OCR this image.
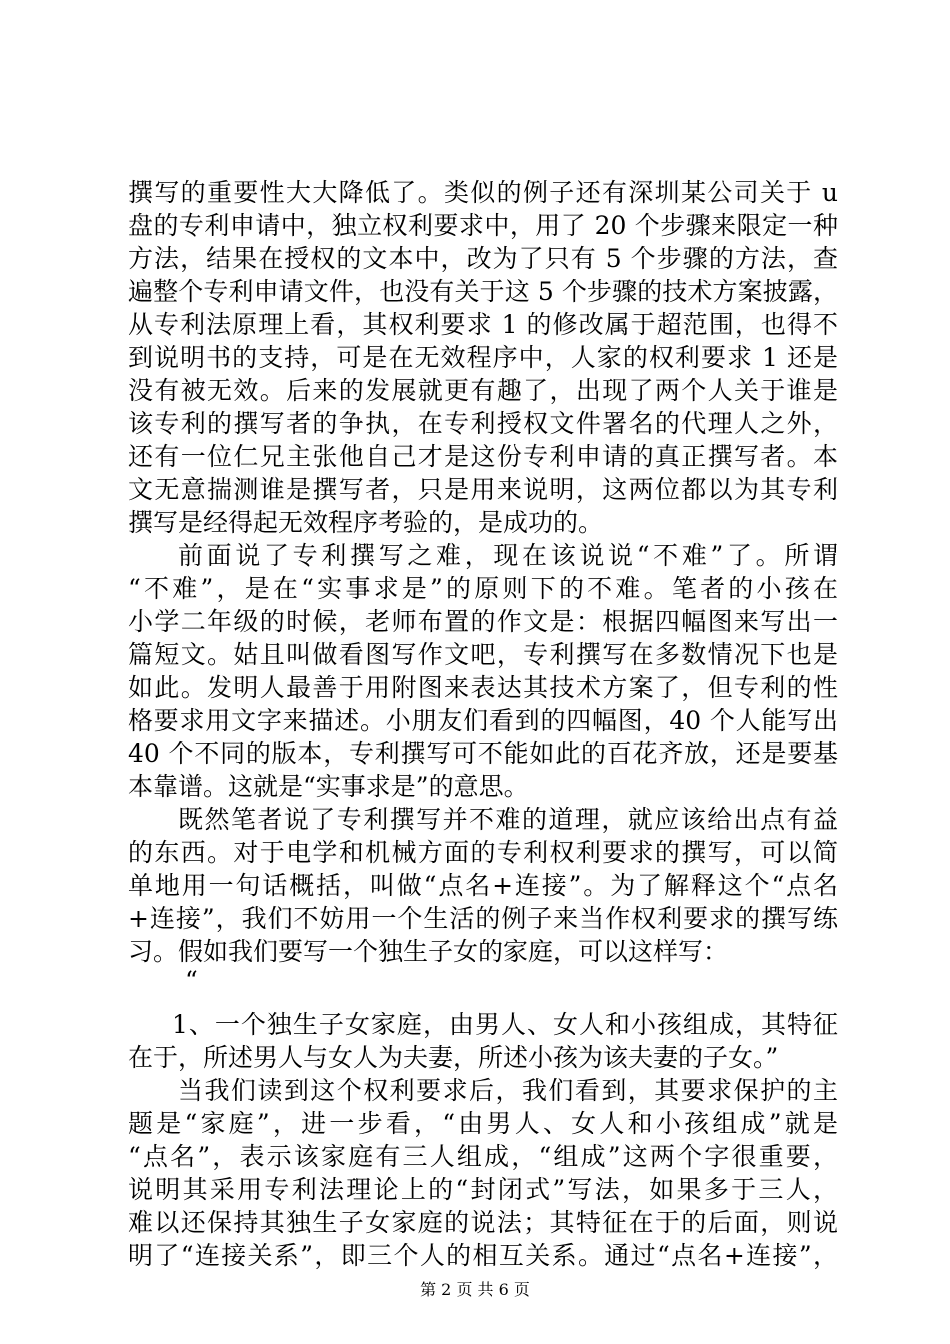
撰写的重要性大大降低了。类似的例子还有深圳某公司关于 u
盘的专利申请中，独立权利要求中，用了 20 个步骤来限定一种
方法，结果在授权的文本中，改为了只有 5 个步骤的方法，查
遍整个专利申请文件，也没有关于这 5 个步骤的技术方案披露，
从专利法原理上看，其权利要求 1 的修改属于超范围，也得不
到说明书的支持，可是在无效程序中，人家的权利要求 1 还是
没有被无效。后来的发展就更有趣了，出现了两个人关于谁是
该专利的撰写者的争执，在专利授权文件署名的代理人之外，
还有一位仁兄主张他自己才是这份专利申请的真正撰写者。本
文无意揣测谁是撰写者，只是用来说明，这两位都以为其专利
撰写是经得起无效程序考验的，是成功的。
前面说了专利撰写之难，现在该说说“不难”了。所谓
“不难”，是在“实事求是”的原则下的不难。笔者的小孩在
小学二年级的时候，老师布置的作文是：根据四幅图来写出一
篇短文。姑且叫做看图写作文吧，专利撰写在多数情况下也是
如此。发明人最善于用附图来表达其技术方案了，但专利的性
格要求用文字来描述。小朋友们看到的四幅图，40 个人能写出
40 个不同的版本，专利撰写可不能如此的百花齐放，还是要基
本靠谱。这就是“实事求是”的意思。
既然笔者说了专利撰写并不难的道理，就应该给出点有益
的东西。对于电学和机械方面的专利权利要求的撰写，可以简
单地用一句话概括，叫做“点名+连接”。为了解释这个“点名
+连接”，我们不妨用一个生活的例子来当作权利要求的撰写练
习。假如我们要写一个独生子女的家庭，可以这样写：
“
1、一个独生子女家庭，由男人、女人和小孩组成，其特征
在于，所述男人与女人为夫妻，所述小孩为该夫妻的子女。”
当我们读到这个权利要求后，我们看到，其要求保护的主
题是“家庭”，进一步看，“由男人、女人和小孩组成”就是
“点名”，表示该家庭有三人组成，“组成”这两个字很重要，
说明其采用专利法理论上的“封闭式”写法，如果多于三人，
难以还保持其独生子女家庭的说法；其特征在于的后面，则说
明了“连接关系”，即三个人的相互关系。通过“点名+连接”，
第 2 页 共 6 页
